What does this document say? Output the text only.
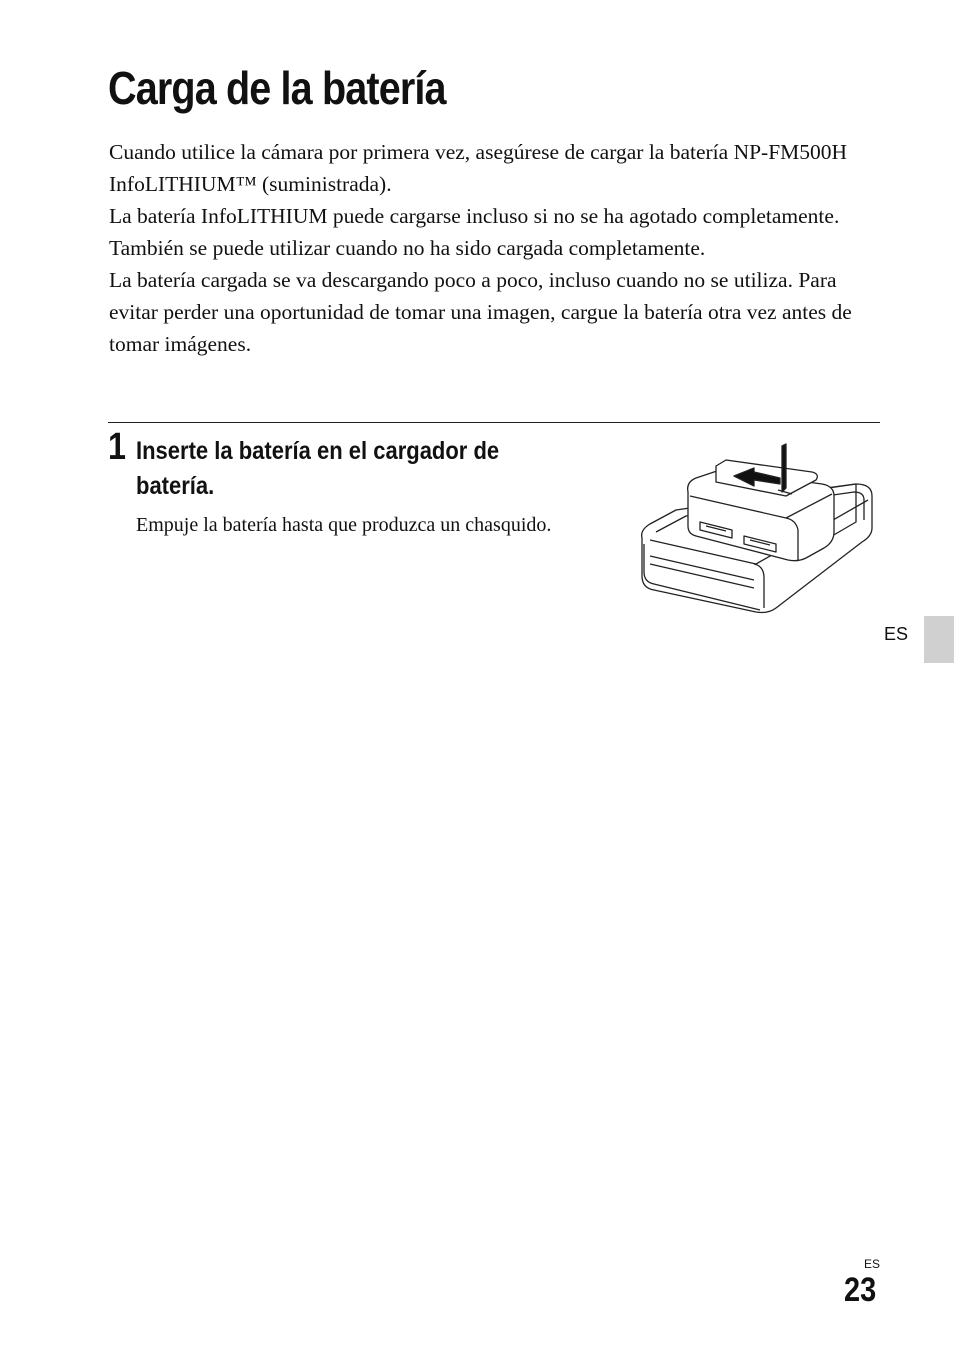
Carga de la batería

Cuando utilice la cámara por primera vez, asegúrese de cargar la batería NP-FM500H InfoLITHIUM™ (suministrada).

La batería InfoLITHIUM puede cargarse incluso si no se ha agotado completamente.

También se puede utilizar cuando no ha sido cargada completamente.

La batería cargada se va descargando poco a poco, incluso cuando no se utiliza. Para evitar perder una oportunidad de tomar una imagen, cargue la batería otra vez antes de tomar imágenes.

1 Inserte la batería en el cargador de batería.
Empuje la batería hasta que produzca un chasquido.
ES
ES
23
